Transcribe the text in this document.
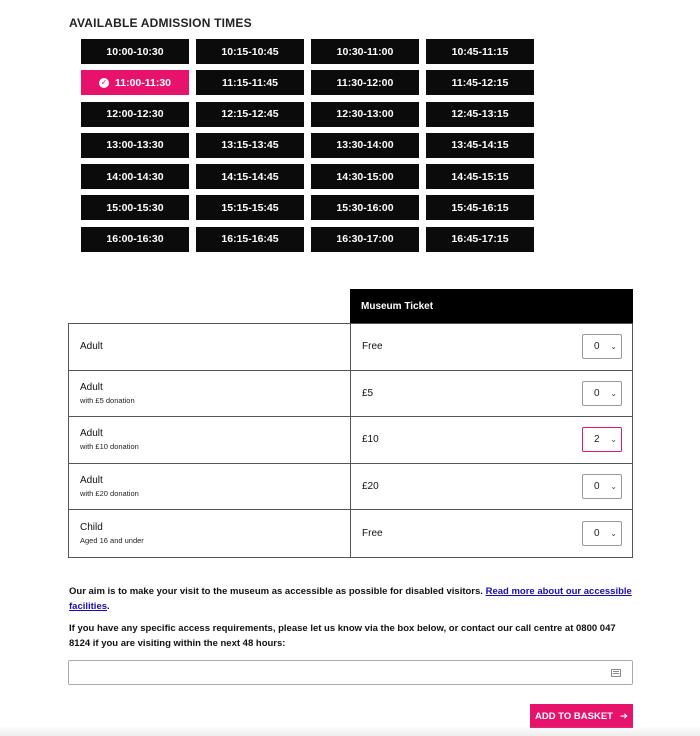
AVAILABLE ADMISSION TIMES
10:00-10:30	10:15-10:45	10:30-11:00	10:45-11:15
✓ 11:00-11:30	11:15-11:45	11:30-12:00	11:45-12:15
12:00-12:30	12:15-12:45	12:30-13:00	12:45-13:15
13:00-13:30	13:15-13:45	13:30-14:00	13:45-14:15
14:00-14:30	14:15-14:45	14:30-15:00	14:45-15:15
15:00-15:30	15:15-15:45	15:30-16:00	15:45-16:15
16:00-16:30	16:15-16:45	16:30-17:00	16:45-17:15
Museum Ticket
Adult	Free	0 ⌄
Adult
with £5 donation
£5	0 ⌄
Adult
with £10 donation
£10	2 ⌄
Adult
with £20 donation
£20	0 ⌄
Child
Aged 16 and under
Free	0 ⌄

Our aim is to make your visit to the museum as accessible as possible for disabled visitors. Read more about our accessible facilities.

If you have any specific access requirements, please let us know via the box below, or contact our call centre at 0800 047 8124 if you are visiting within the next 48 hours:

ADD TO BASKET ➔
